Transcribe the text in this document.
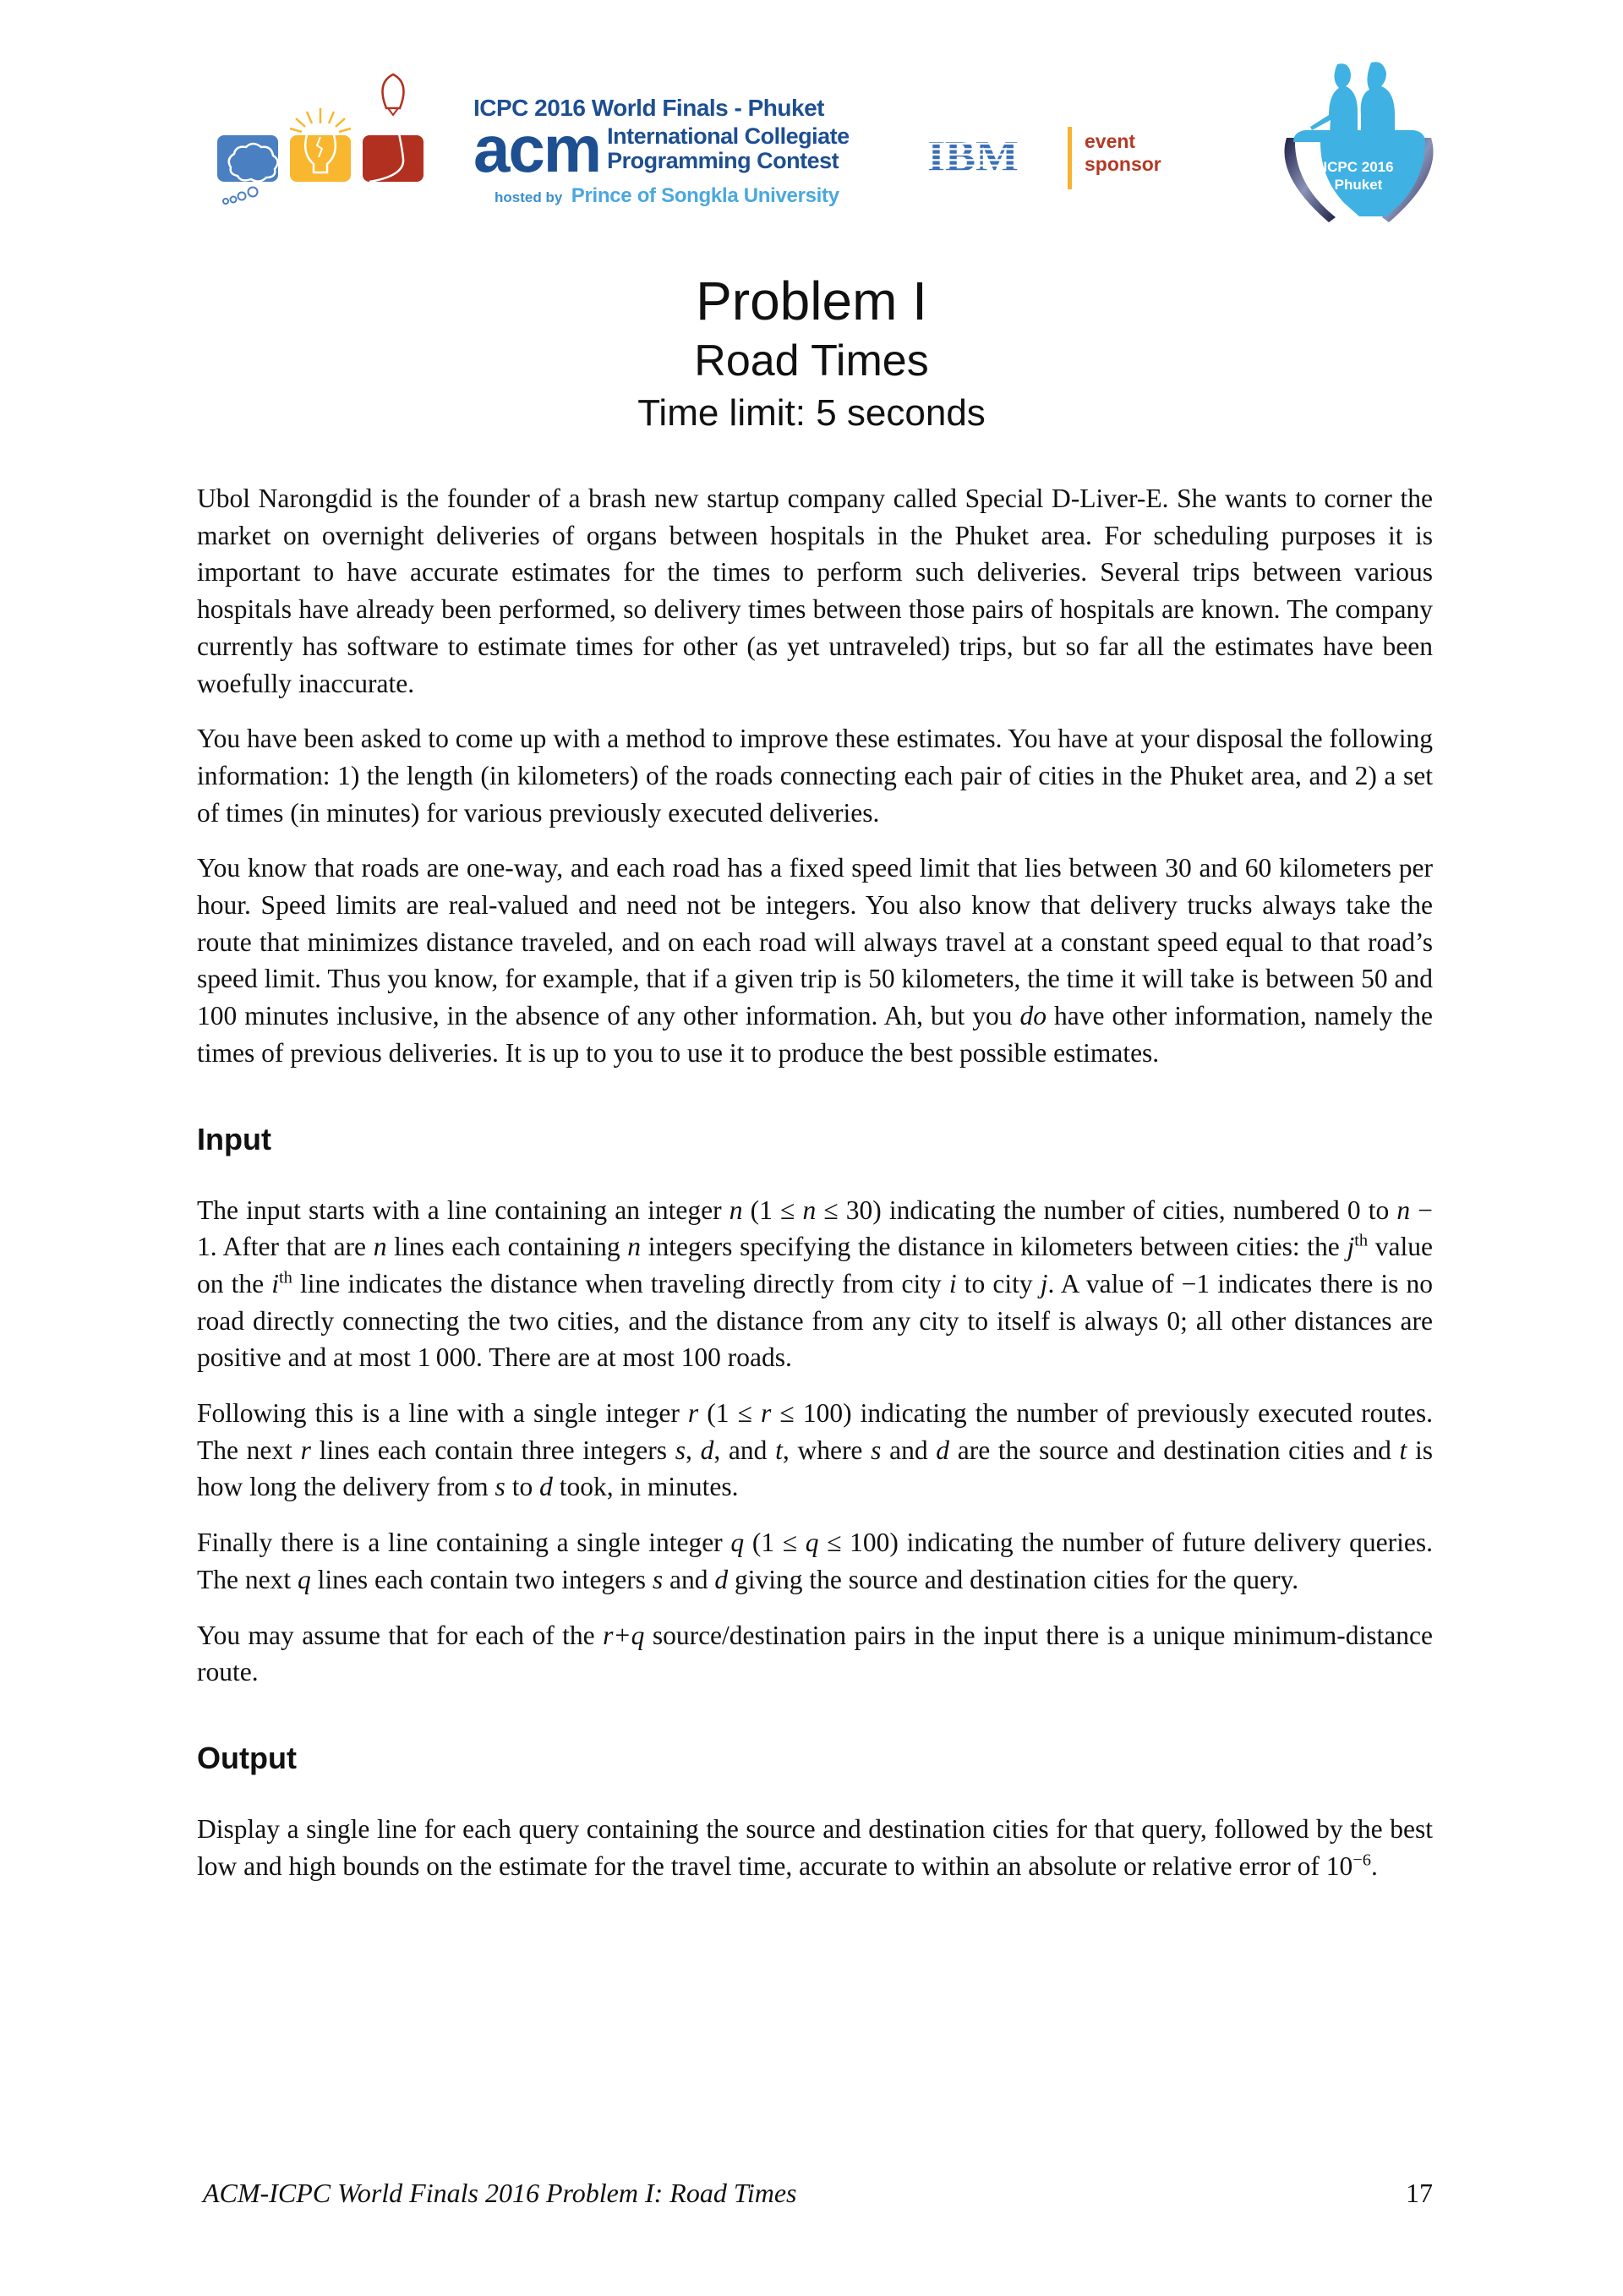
ICPC 2016 World Finals - Phuket
acm International Collegiate
Programming Contest
hosted by Prince of Songkla University
IBM	event
sponsor	ICPC 2016
Phuket
Problem I
Road Times
Time limit: 5 seconds

Ubol Narongdid is the founder of a brash new startup company called Special D-Liver-E. She wants to corner the market on overnight deliveries of organs between hospitals in the Phuket area. For scheduling purposes it is important to have accurate estimates for the times to perform such deliveries. Several trips between various hospitals have already been performed, so delivery times between those pairs of hospitals are known. The company currently has software to estimate times for other (as yet untraveled) trips, but so far all the estimates have been woefully inaccurate.

You have been asked to come up with a method to improve these estimates. You have at your disposal the following information: 1) the length (in kilometers) of the roads connecting each pair of cities in the Phuket area, and 2) a set of times (in minutes) for various previously executed deliveries.

You know that roads are one-way, and each road has a fixed speed limit that lies between 30 and 60 kilometers per hour. Speed limits are real-valued and need not be integers. You also know that delivery trucks always take the route that minimizes distance traveled, and on each road will always travel at a constant speed equal to that road’s speed limit. Thus you know, for example, that if a given trip is 50 kilometers, the time it will take is between 50 and 100 minutes inclusive, in the absence of any other information. Ah, but you do have other information, namely the times of previous deliveries. It is up to you to use it to produce the best possible estimates.

Input

The input starts with a line containing an integer n (1 ≤ n ≤ 30) indicating the number of cities, numbered 0 to n − 1. After that are n lines each containing n integers specifying the distance in kilometers between cities: the $j^{th}$ value on the $i^{th}$ line indicates the distance when traveling directly from city i to city j. A value of −1 indicates there is no road directly connecting the two cities, and the distance from any city to itself is always 0; all other distances are positive and at most 1 000. There are at most 100 roads.

Following this is a line with a single integer r (1 ≤ r ≤ 100) indicating the number of previously executed routes. The next r lines each contain three integers s, d, and t, where s and d are the source and destination cities and t is how long the delivery from s to d took, in minutes.

Finally there is a line containing a single integer q (1 ≤ q ≤ 100) indicating the number of future delivery queries. The next q lines each contain two integers s and d giving the source and destination cities for the query.

You may assume that for each of the r+q source/destination pairs in the input there is a unique minimum-distance route.

Output

Display a single line for each query containing the source and destination cities for that query, followed by the best low and high bounds on the estimate for the travel time, accurate to within an absolute or relative error of $10^{-6}$.

ACM-ICPC World Finals 2016 Problem I: Road Times	17
